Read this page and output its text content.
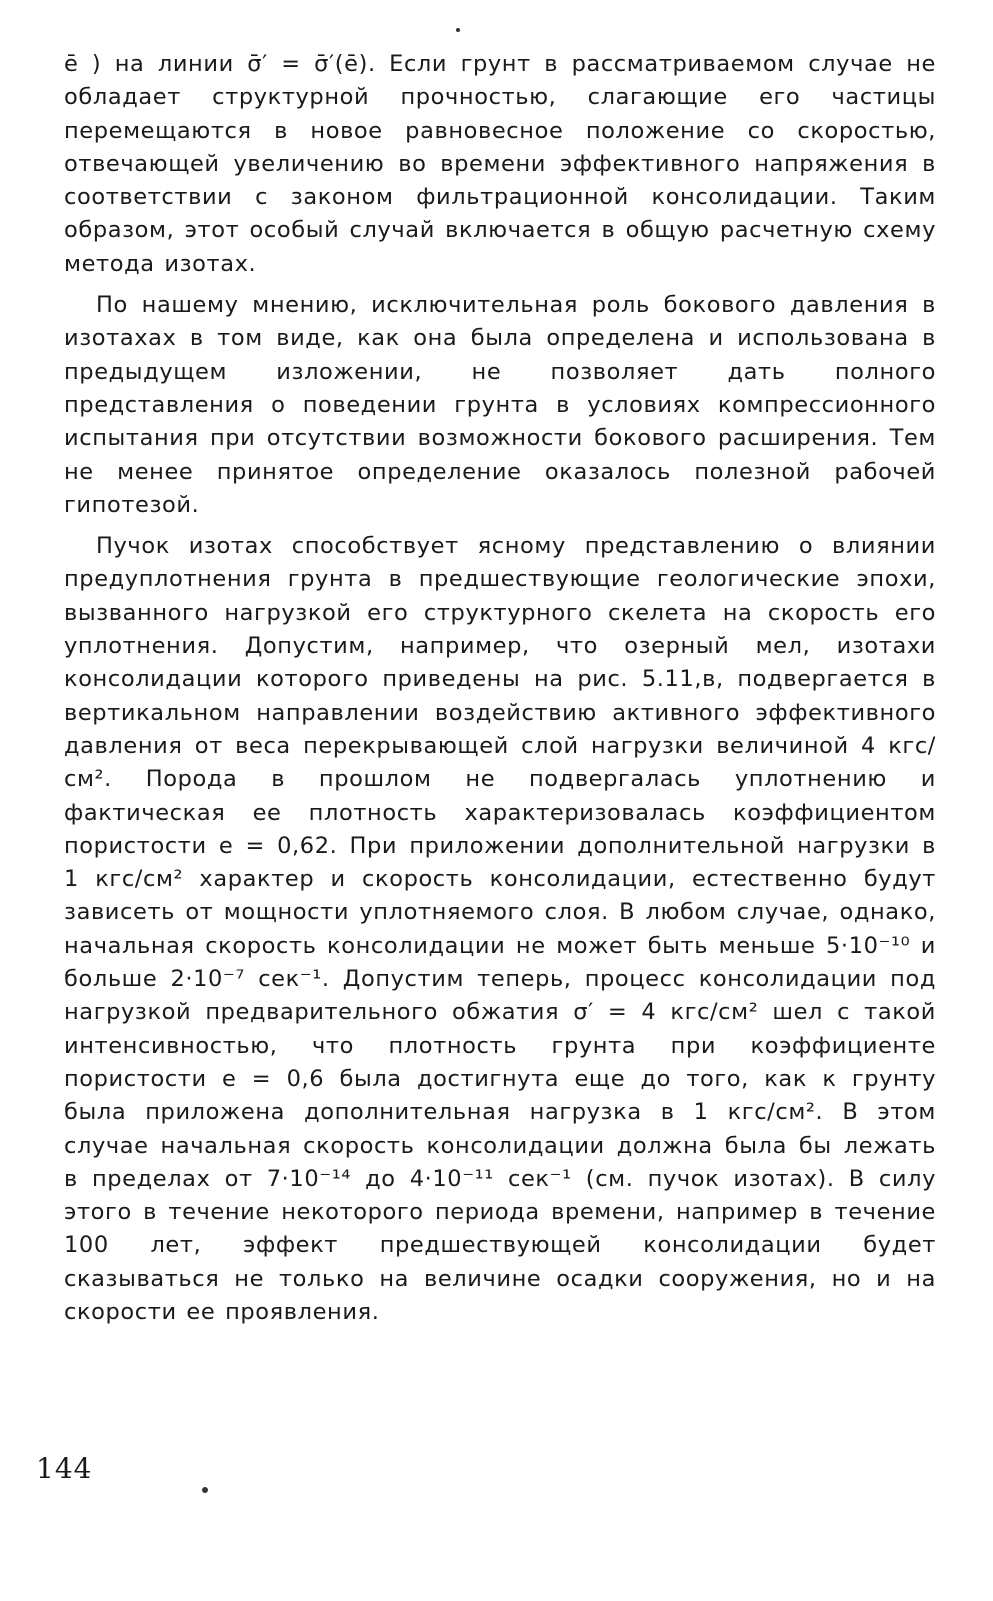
ē ) на линии σ̄′ = σ̄′(ē). Если грунт в рассматриваемом случае не обладает структурной прочностью, слагающие его частицы перемещаются в новое равновесное положение со скоростью, отвечающей увеличению во времени эффективного напряжения в соответствии с законом фильтрационной консолидации. Таким образом, этот особый случай включается в общую расчетную схему метода изотах.

По нашему мнению, исключительная роль бокового давления в изотахах в том виде, как она была определена и использована в предыдущем изложении, не позволяет дать полного представления о поведении грунта в условиях компрессионного испытания при отсутствии возможности бокового расширения. Тем не менее принятое определение оказалось полезной рабочей гипотезой.

Пучок изотах способствует ясному представлению о влиянии предуплотнения грунта в предшествующие геологические эпохи, вызванного нагрузкой его структурного скелета на скорость его уплотнения. Допустим, например, что озерный мел, изотахи консолидации которого приведены на рис. 5.11,в, подвергается в вертикальном направлении воздействию активного эффективного давления от веса перекрывающей слой нагрузки величиной 4 кгс/см². Порода в прошлом не подвергалась уплотнению и фактическая ее плотность характеризовалась коэффициентом пористости e = 0,62. При приложении дополнительной нагрузки в 1 кгс/см² характер и скорость консолидации, естественно будут зависеть от мощности уплотняемого слоя. В любом случае, однако, начальная скорость консолидации не может быть меньше 5·10⁻¹⁰ и больше 2·10⁻⁷ сек⁻¹. Допустим теперь, процесс консолидации под нагрузкой предварительного обжатия σ′ = 4 кгс/см² шел с такой интенсивностью, что плотность грунта при коэффициенте пористости e = 0,6 была достигнута еще до того, как к грунту была приложена дополнительная нагрузка в 1 кгс/см². В этом случае начальная скорость консолидации должна была бы лежать в пределах от 7·10⁻¹⁴ до 4·10⁻¹¹ сек⁻¹ (см. пучок изотах). В силу этого в течение некоторого периода времени, например в течение 100 лет, эффект предшествующей консолидации будет сказываться не только на величине осадки сооружения, но и на скорости ее проявления.

144
